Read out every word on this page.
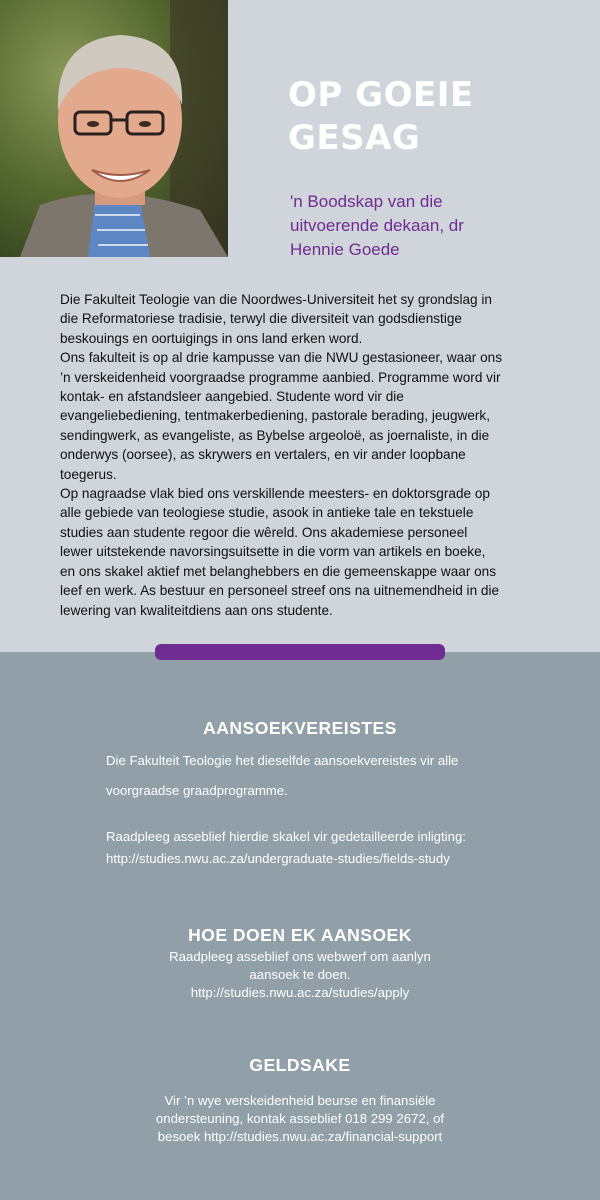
OP GOEIE
GESAG
'n Boodskap van die
uitvoerende dekaan, dr
Hennie Goede

Die Fakulteit Teologie van die Noordwes-Universiteit het sy grondslag in

die Reformatoriese tradisie, terwyl die diversiteit van godsdienstige

beskouings en oortuigings in ons land erken word.

Ons fakulteit is op al drie kampusse van die NWU gestasioneer, waar ons

’n verskeidenheid voorgraadse programme aanbied. Programme word vir

kontak- en afstandsleer aangebied. Studente word vir die

evangeliebediening, tentmakerbediening, pastorale berading, jeugwerk,

sendingwerk, as evangeliste, as Bybelse argeoloë, as joernaliste, in die

onderwys (oorsee), as skrywers en vertalers, en vir ander loopbane

toegerus.

Op nagraadse vlak bied ons verskillende meesters- en doktorsgrade op

alle gebiede van teologiese studie, asook in antieke tale en tekstuele

studies aan studente regoor die wêreld. Ons akademiese personeel

lewer uitstekende navorsingsuitsette in die vorm van artikels en boeke,

en ons skakel aktief met belanghebbers en die gemeenskappe waar ons

leef en werk. As bestuur en personeel streef ons na uitnemendheid in die

lewering van kwaliteitdiens aan ons studente.

AANSOEKVEREISTES
Die Fakulteit Teologie het dieselfde aansoekvereistes vir alle
voorgraadse graadprogramme.
Raadpleeg asseblief hierdie skakel vir gedetailleerde inligting:
http://studies.nwu.ac.za/undergraduate-studies/fields-study
HOE DOEN EK AANSOEK
Raadpleeg asseblief ons webwerf om aanlyn
aansoek te doen.
http://studies.nwu.ac.za/studies/apply
GELDSAKE
Vir ’n wye verskeidenheid beurse en finansiële
ondersteuning, kontak asseblief 018 299 2672, of
besoek http://studies.nwu.ac.za/financial-support
